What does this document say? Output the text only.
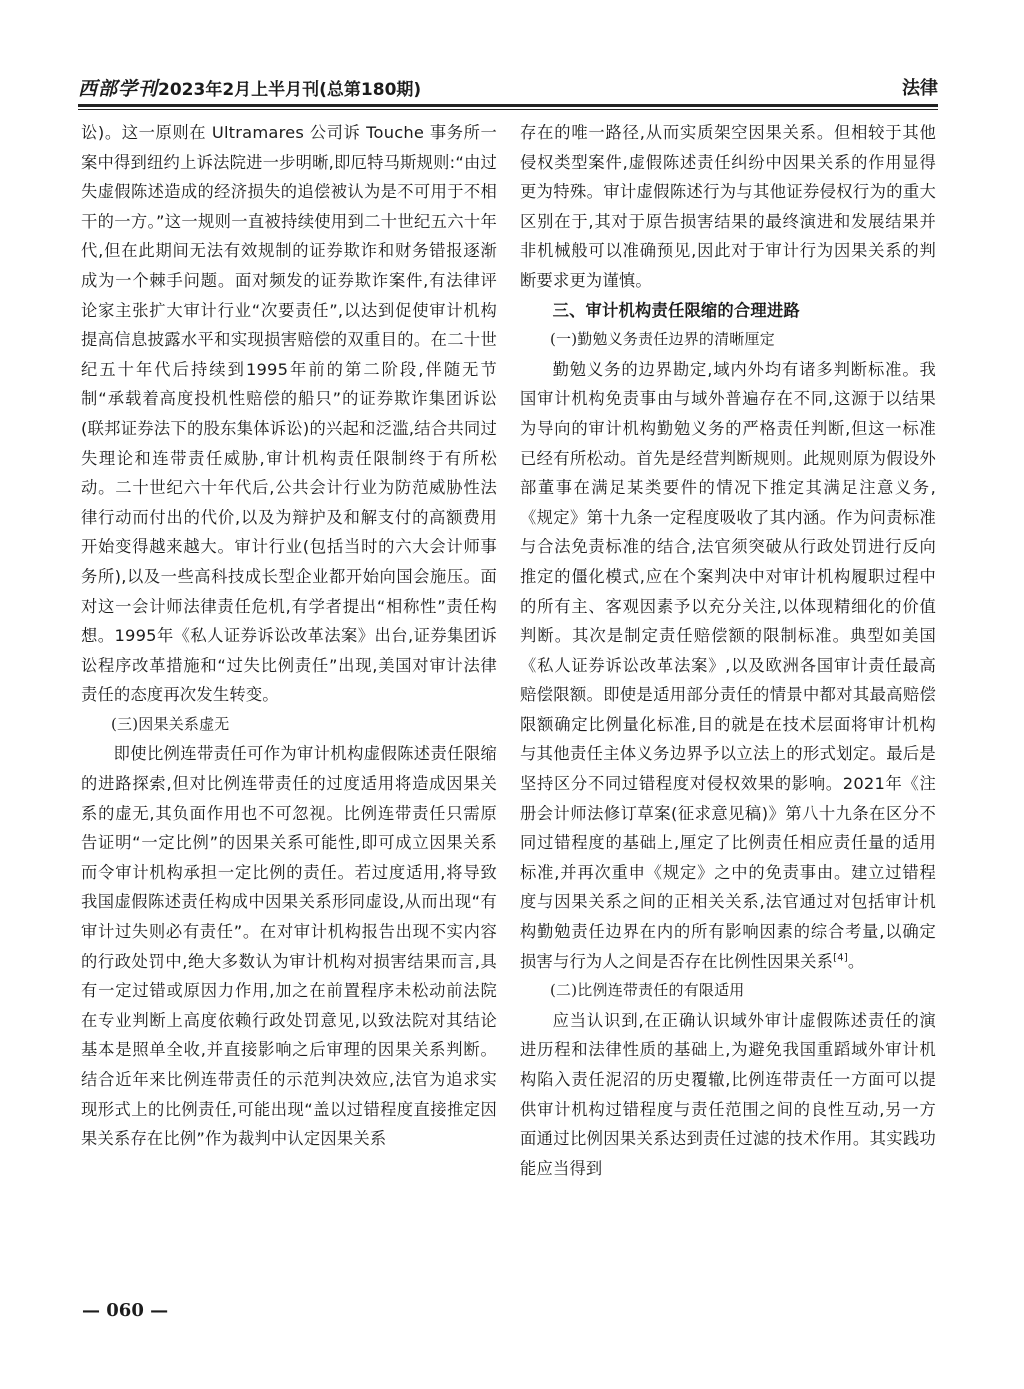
西部学刊 2023年2月上半月刊(总第180期)	法律

讼)。这一原则在 Ultramares 公司诉 Touche 事务所一案中得到纽约上诉法院进一步明晰,即厄特马斯规则:“由过失虚假陈述造成的经济损失的追偿被认为是不可用于不相干的一方。”这一规则一直被持续使用到二十世纪五六十年代,但在此期间无法有效规制的证券欺诈和财务错报逐渐成为一个棘手问题。面对频发的证券欺诈案件,有法律评论家主张扩大审计行业“次要责任”,以达到促使审计机构提高信息披露水平和实现损害赔偿的双重目的。在二十世纪五十年代后持续到1995年前的第二阶段,伴随无节制“承载着高度投机性赔偿的船只”的证券欺诈集团诉讼(联邦证券法下的股东集体诉讼)的兴起和泛滥,结合共同过失理论和连带责任威胁,审计机构责任限制终于有所松动。二十世纪六十年代后,公共会计行业为防范威胁性法律行动而付出的代价,以及为辩护及和解支付的高额费用开始变得越来越大。审计行业(包括当时的六大会计师事务所),以及一些高科技成长型企业都开始向国会施压。面对这一会计师法律责任危机,有学者提出“相称性”责任构想。1995年《私人证券诉讼改革法案》出台,证券集团诉讼程序改革措施和“过失比例责任”出现,美国对审计法律责任的态度再次发生转变。

(三)因果关系虚无

即使比例连带责任可作为审计机构虚假陈述责任限缩的进路探索,但对比例连带责任的过度适用将造成因果关系的虚无,其负面作用也不可忽视。比例连带责任只需原告证明“一定比例”的因果关系可能性,即可成立因果关系而令审计机构承担一定比例的责任。若过度适用,将导致我国虚假陈述责任构成中因果关系形同虚设,从而出现“有审计过失则必有责任”。在对审计机构报告出现不实内容的行政处罚中,绝大多数认为审计机构对损害结果而言,具有一定过错或原因力作用,加之在前置程序未松动前法院在专业判断上高度依赖行政处罚意见,以致法院对其结论基本是照单全收,并直接影响之后审理的因果关系判断。结合近年来比例连带责任的示范判决效应,法官为追求实现形式上的比例责任,可能出现“盖以过错程度直接推定因果关系存在比例”作为裁判中认定因果关系

存在的唯一路径,从而实质架空因果关系。但相较于其他侵权类型案件,虚假陈述责任纠纷中因果关系的作用显得更为特殊。审计虚假陈述行为与其他证券侵权行为的重大区别在于,其对于原告损害结果的最终演进和发展结果并非机械般可以准确预见,因此对于审计行为因果关系的判断要求更为谨慎。

三、审计机构责任限缩的合理进路

(一)勤勉义务责任边界的清晰厘定

勤勉义务的边界勘定,域内外均有诸多判断标准。我国审计机构免责事由与域外普遍存在不同,这源于以结果为导向的审计机构勤勉义务的严格责任判断,但这一标准已经有所松动。首先是经营判断规则。此规则原为假设外部董事在满足某类要件的情况下推定其满足注意义务,《规定》第十九条一定程度吸收了其内涵。作为问责标准与合法免责标准的结合,法官须突破从行政处罚进行反向推定的僵化模式,应在个案判决中对审计机构履职过程中的所有主、客观因素予以充分关注,以体现精细化的价值判断。其次是制定责任赔偿额的限制标准。典型如美国《私人证券诉讼改革法案》,以及欧洲各国审计责任最高赔偿限额。即使是适用部分责任的情景中都对其最高赔偿限额确定比例量化标准,目的就是在技术层面将审计机构与其他责任主体义务边界予以立法上的形式划定。最后是坚持区分不同过错程度对侵权效果的影响。2021年《注册会计师法修订草案(征求意见稿)》第八十九条在区分不同过错程度的基础上,厘定了比例责任相应责任量的适用标准,并再次重申《规定》之中的免责事由。建立过错程度与因果关系之间的正相关关系,法官通过对包括审计机构勤勉责任边界在内的所有影响因素的综合考量,以确定损害与行为人之间是否存在比例性因果关系[4]。

(二)比例连带责任的有限适用

应当认识到,在正确认识域外审计虚假陈述责任的演进历程和法律性质的基础上,为避免我国重蹈域外审计机构陷入责任泥沼的历史覆辙,比例连带责任一方面可以提供审计机构过错程度与责任范围之间的良性互动,另一方面通过比例因果关系达到责任过滤的技术作用。其实践功能应当得到

— 060 —
